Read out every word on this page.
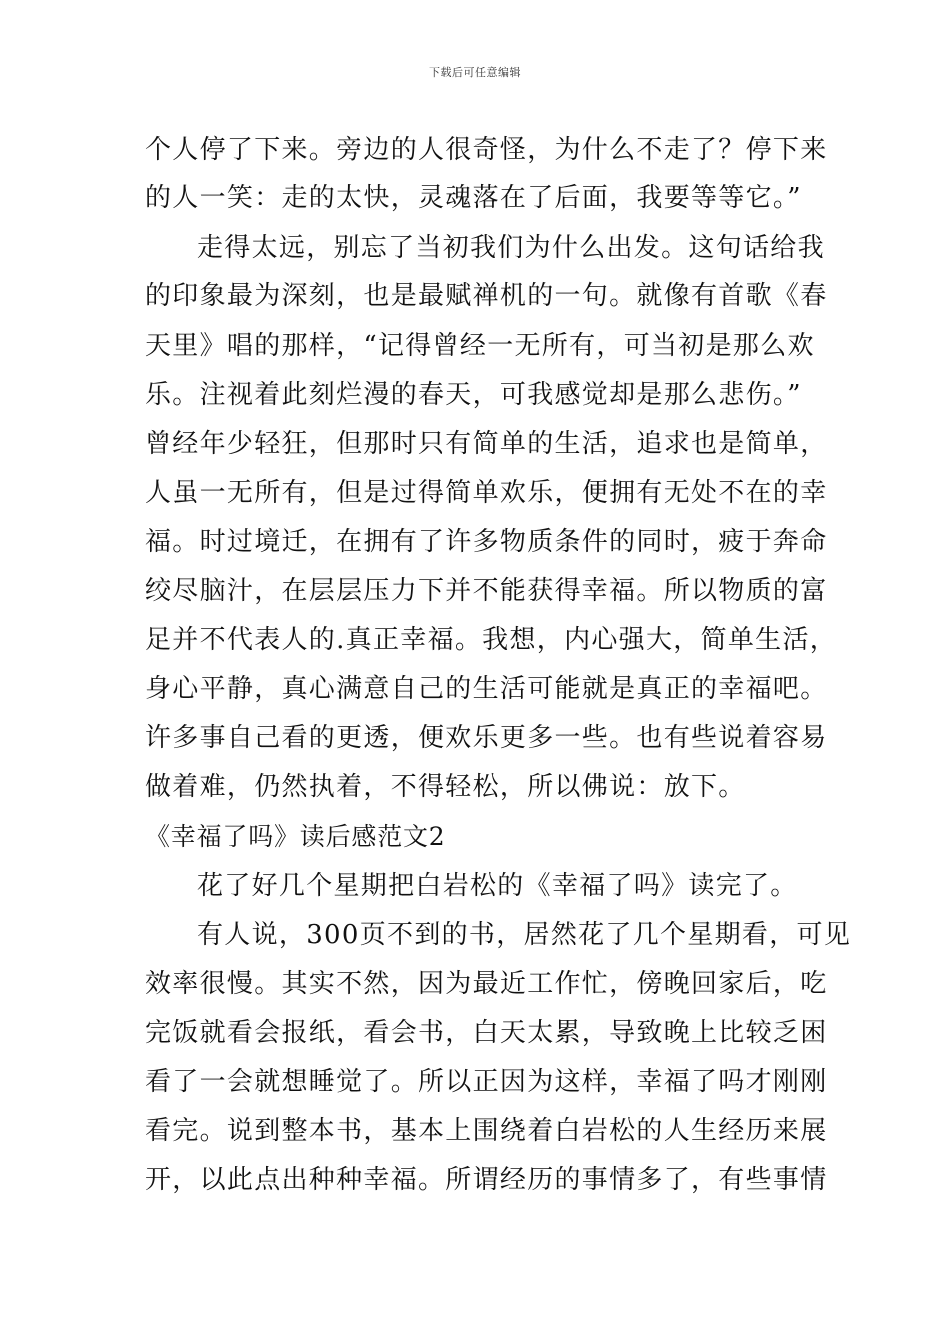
下载后可任意编辑
个人停了下来。旁边的人很奇怪，为什么不走了？停下来
的人一笑：走的太快，灵魂落在了后面，我要等等它。”
走得太远，别忘了当初我们为什么出发。这句话给我
的印象最为深刻，也是最赋禅机的一句。就像有首歌《春
天里》唱的那样，“记得曾经一无所有，可当初是那么欢
乐。注视着此刻烂漫的春天，可我感觉却是那么悲伤。”
曾经年少轻狂，但那时只有简单的生活，追求也是简单，
人虽一无所有，但是过得简单欢乐，便拥有无处不在的幸
福。时过境迁，在拥有了许多物质条件的同时，疲于奔命
绞尽脑汁，在层层压力下并不能获得幸福。所以物质的富
足并不代表人的.真正幸福。我想，内心强大，简单生活，
身心平静，真心满意自己的生活可能就是真正的幸福吧。
许多事自己看的更透，便欢乐更多一些。也有些说着容易
做着难，仍然执着，不得轻松，所以佛说：放下。
《幸福了吗》读后感范文2
花了好几个星期把白岩松的《幸福了吗》读完了。
有人说，300页不到的书，居然花了几个星期看，可见
效率很慢。其实不然，因为最近工作忙，傍晚回家后，吃
完饭就看会报纸，看会书，白天太累，导致晚上比较乏困
看了一会就想睡觉了。所以正因为这样，幸福了吗才刚刚
看完。说到整本书，基本上围绕着白岩松的人生经历来展
开，以此点出种种幸福。所谓经历的事情多了，有些事情
